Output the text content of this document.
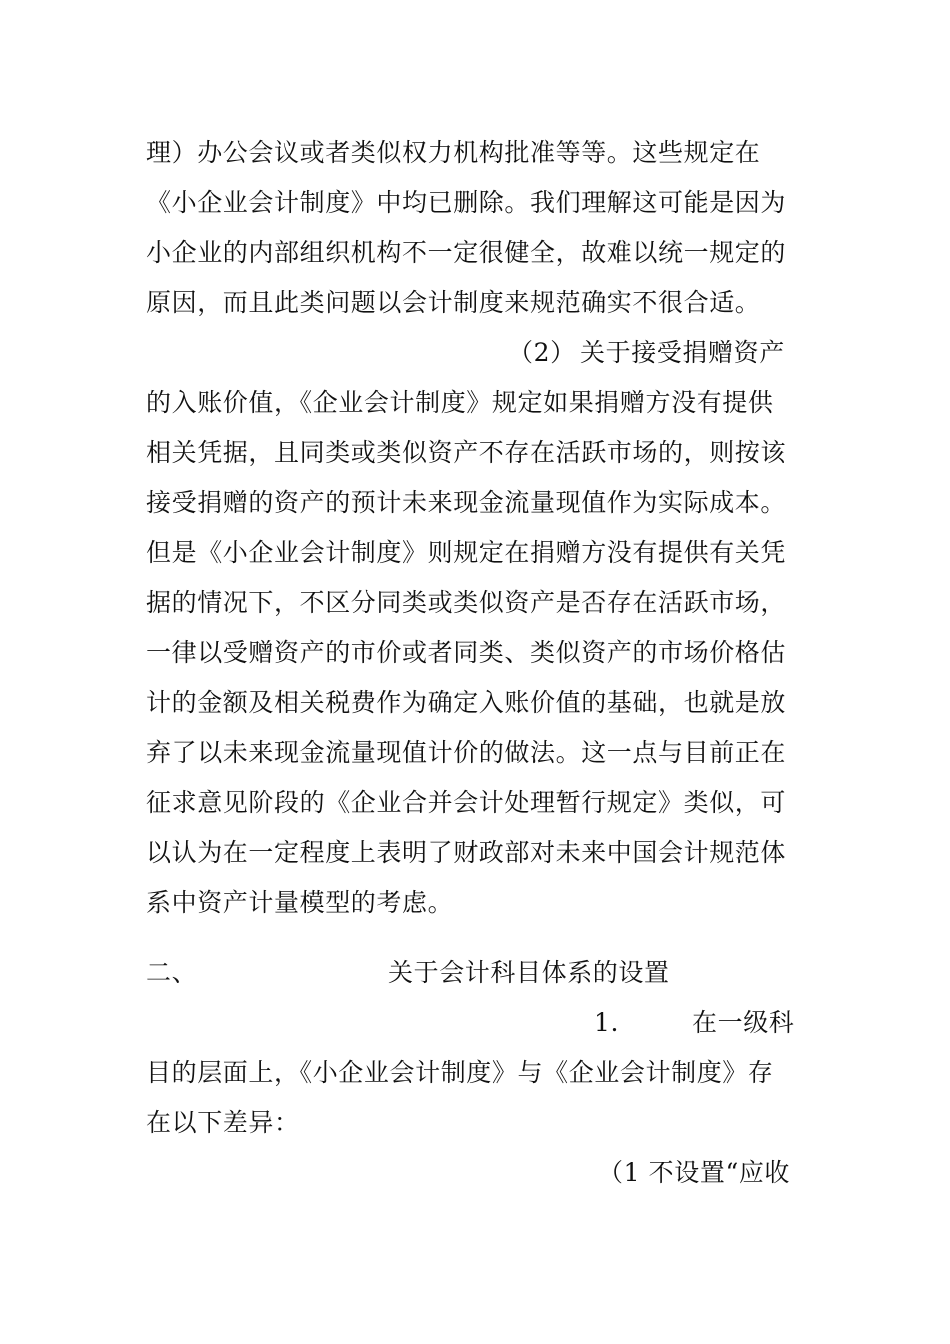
理）办公会议或者类似权力机构批准等等。这些规定在
《小企业会计制度》中均已删除。我们理解这可能是因为
小企业的内部组织机构不一定很健全，故难以统一规定的
原因，而且此类问题以会计制度来规范确实不很合适。
（2） 关于接受捐赠资产
的入账价值，《企业会计制度》规定如果捐赠方没有提供
相关凭据，且同类或类似资产不存在活跃市场的，则按该
接受捐赠的资产的预计未来现金流量现值作为实际成本。
但是《小企业会计制度》则规定在捐赠方没有提供有关凭
据的情况下，不区分同类或类似资产是否存在活跃市场，
一律以受赠资产的市价或者同类、类似资产的市场价格估
计的金额及相关税费作为确定入账价值的基础，也就是放
弃了以未来现金流量现值计价的做法。这一点与目前正在
征求意见阶段的《企业合并会计处理暂行规定》类似，可
以认为在一定程度上表明了财政部对未来中国会计规范体
系中资产计量模型的考虑。
二、	关于会计科目体系的设置
1.	在一级科
目的层面上，《小企业会计制度》与《企业会计制度》存
在以下差异：
（1 不设置“应收
